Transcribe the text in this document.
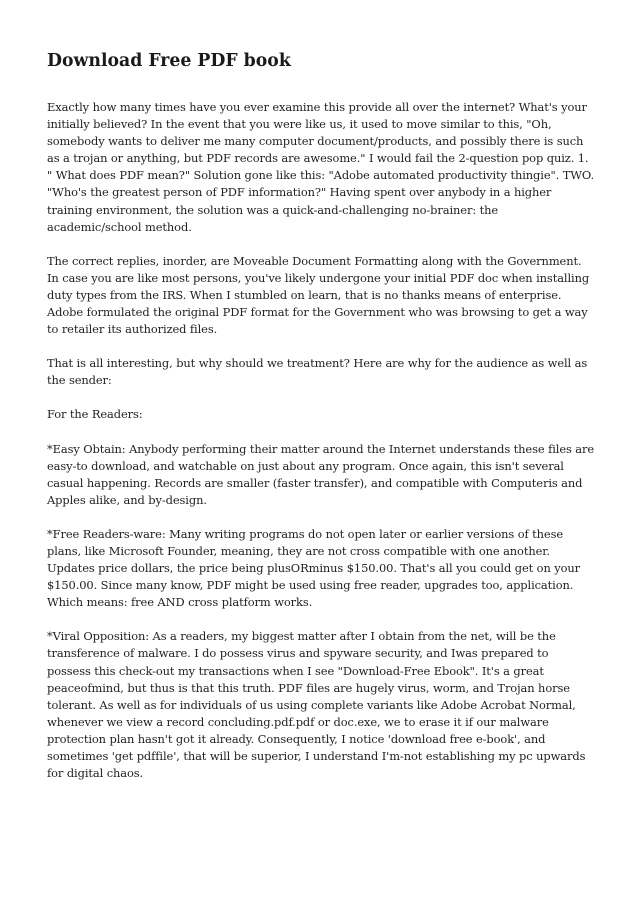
Download Free PDF book

Exactly how many times have you ever examine this provide all over the internet? What's your initially believed? In the event that you were like us, it used to move similar to this, "Oh, somebody wants to deliver me many computer document/products, and possibly there is such as a trojan or anything, but PDF records are awesome." I would fail the 2-question pop quiz. 1. " What does PDF mean?" Solution gone like this: "Adobe automated productivity thingie". TWO. "Who's the greatest person of PDF information?" Having spent over anybody in a higher training environment, the solution was a quick-and-challenging no-brainer: the academic/school method.

The correct replies, inorder, are Moveable Document Formatting along with the Government. In case you are like most persons, you've likely undergone your initial PDF doc when installing duty types from the IRS. When I stumbled on learn, that is no thanks means of enterprise. Adobe formulated the original PDF format for the Government who was browsing to get a way to retailer its authorized files.

That is all interesting, but why should we treatment? Here are why for the audience as well as the sender:

For the Readers:

*Easy Obtain: Anybody performing their matter around the Internet understands these files are easy-to download, and watchable on just about any program. Once again, this isn't several casual happening. Records are smaller (faster transfer), and compatible with Computeris and Apples alike, and by-design.

*Free Readers-ware: Many writing programs do not open later or earlier versions of these plans, like Microsoft Founder, meaning, they are not cross compatible with one another. Updates price dollars, the price being plusORminus $150.00. That's all you could get on your $150.00. Since many know, PDF might be used using free reader, upgrades too, application. Which means: free AND cross platform works.

*Viral Opposition: As a readers, my biggest matter after I obtain from the net, will be the transference of malware. I do possess virus and spyware security, and Iwas prepared to possess this check-out my transactions when I see "Download-Free Ebook". It's a great peaceofmind, but thus is that this truth. PDF files are hugely virus, worm, and Trojan horse tolerant. As well as for individuals of us using complete variants like Adobe Acrobat Normal, whenever we view a record concluding.pdf.pdf or doc.exe, we to erase it if our malware protection plan hasn't got it already. Consequently, I notice 'download free e-book', and sometimes 'get pdffile', that will be superior, I understand I'm-not establishing my pc upwards for digital chaos.
